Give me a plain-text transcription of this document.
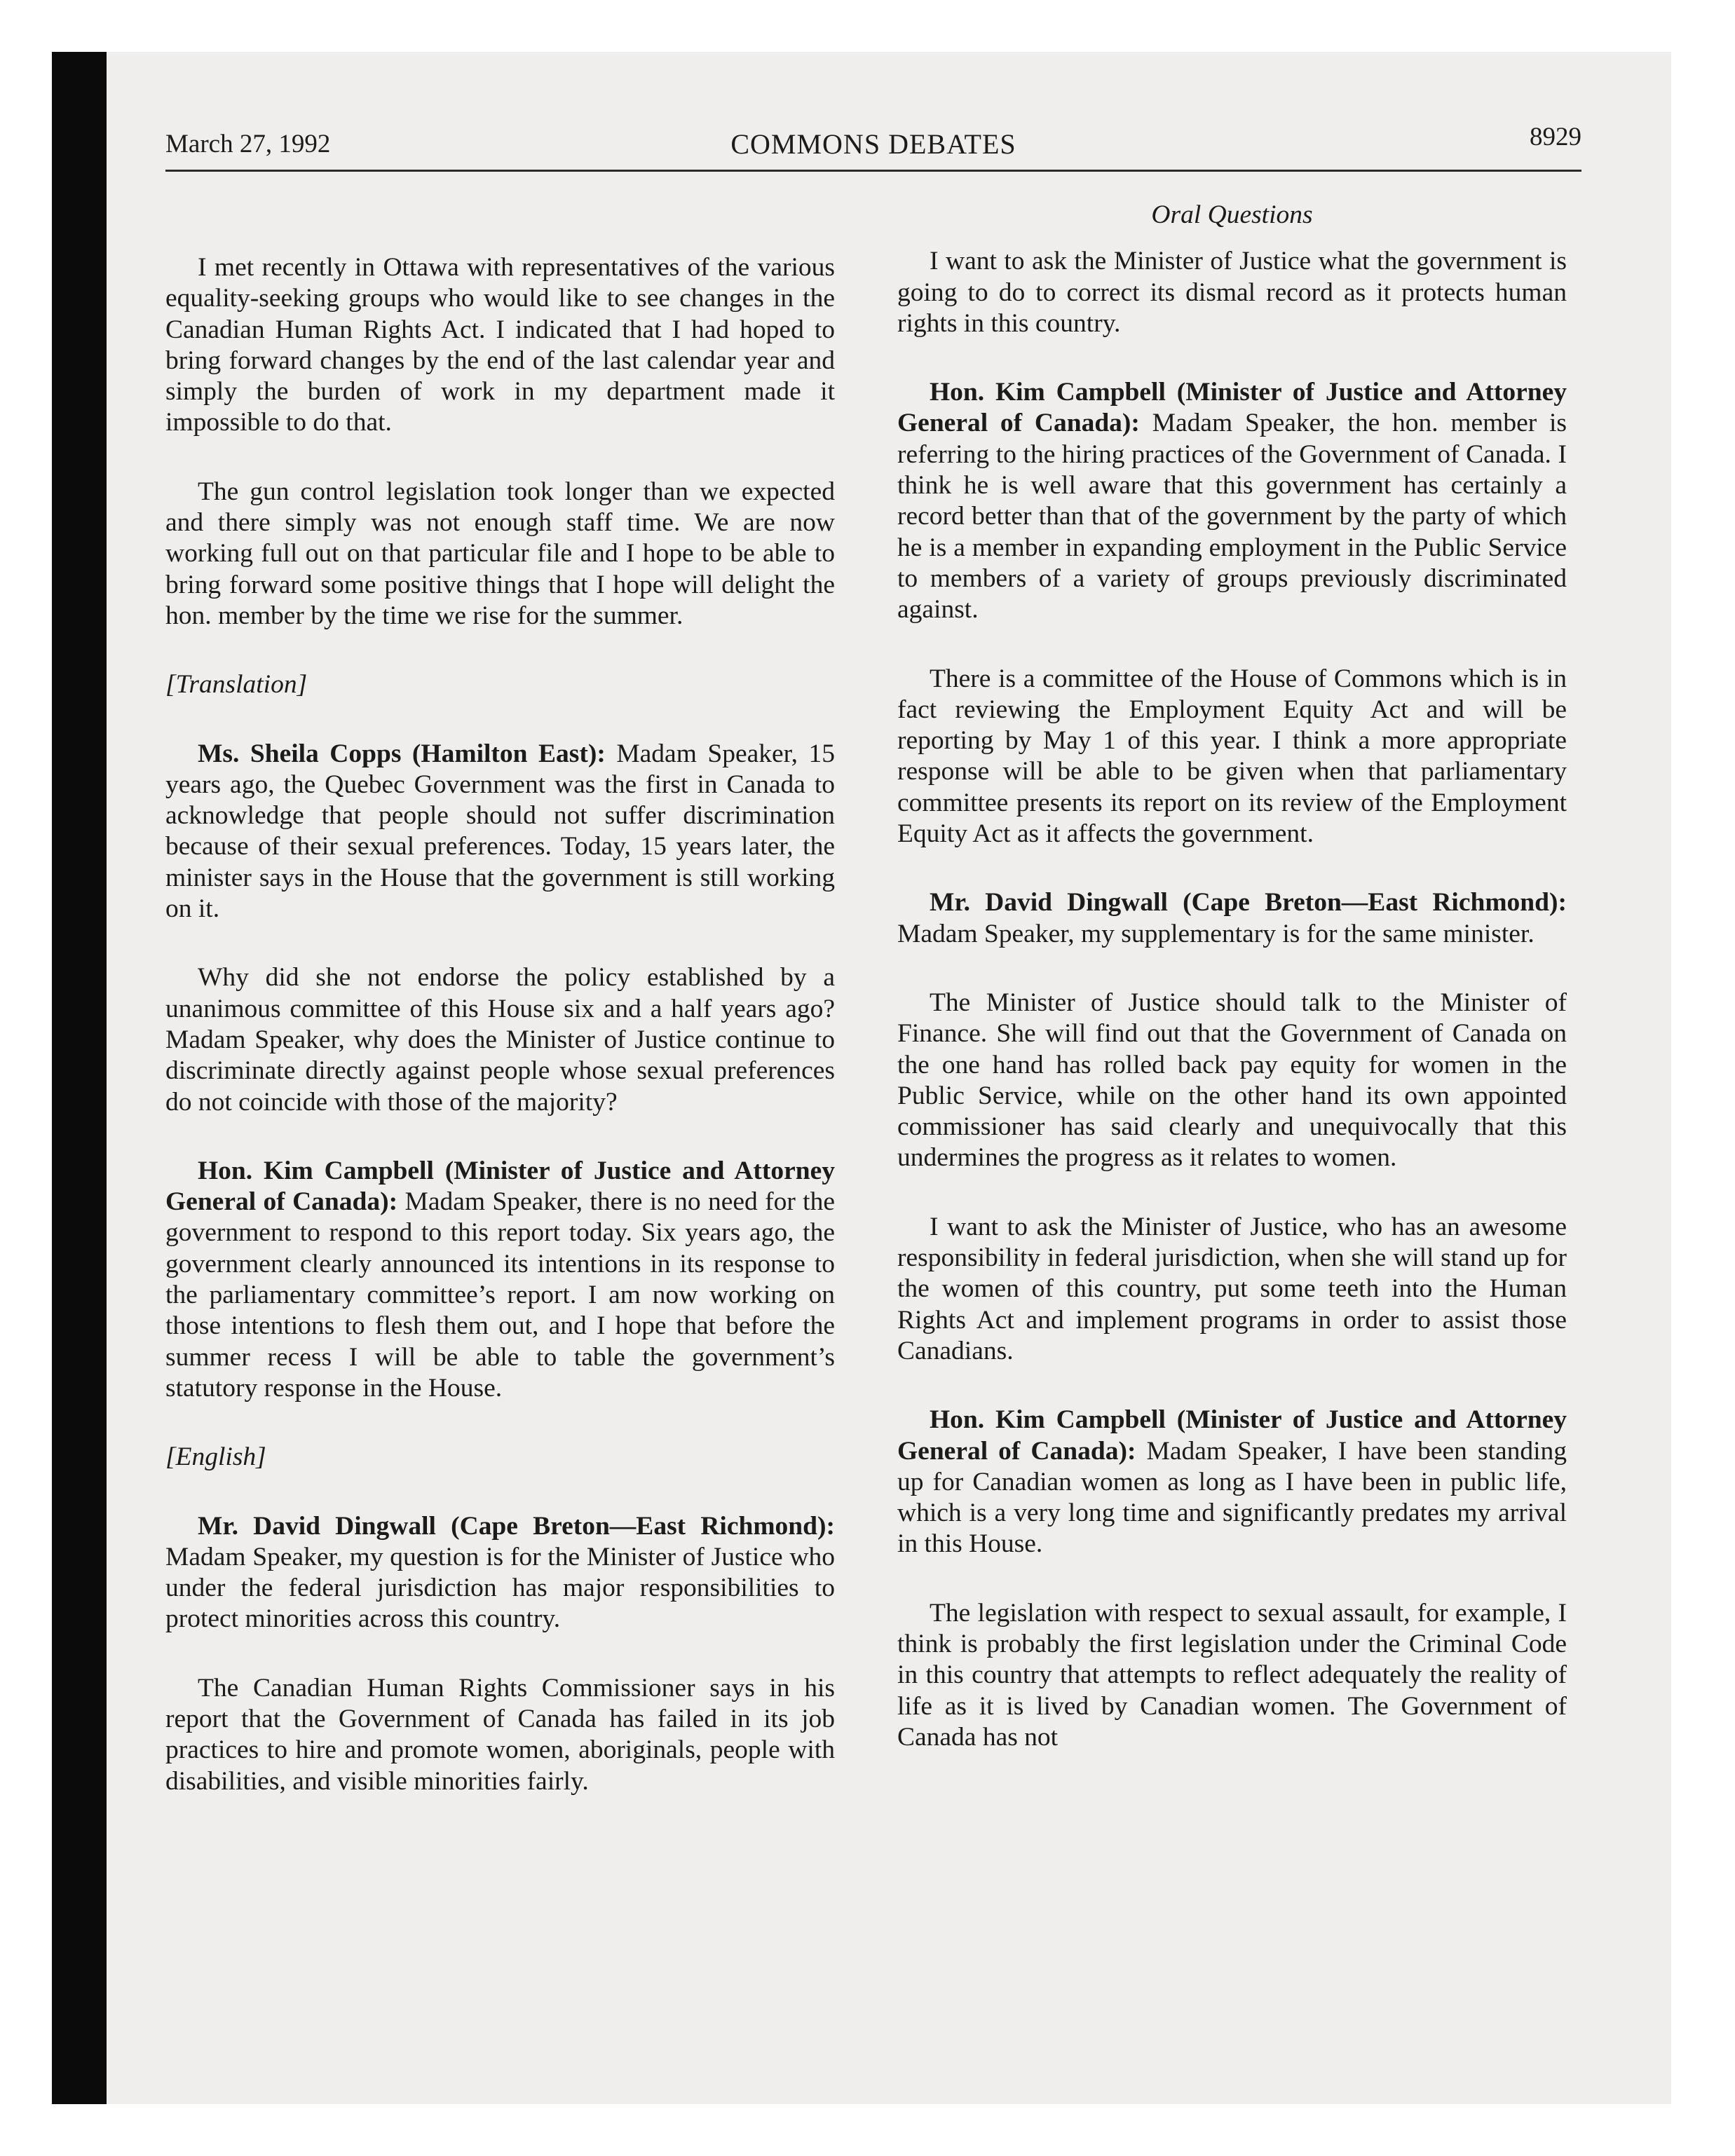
March 27, 1992	COMMONS DEBATES	8929

I met recently in Ottawa with representatives of the various equality-seeking groups who would like to see changes in the Canadian Human Rights Act. I indicated that I had hoped to bring forward changes by the end of the last calendar year and simply the burden of work in my department made it impossible to do that.

The gun control legislation took longer than we expected and there simply was not enough staff time. We are now working full out on that particular file and I hope to be able to bring forward some positive things that I hope will delight the hon. member by the time we rise for the summer.

[Translation]

Ms. Sheila Copps (Hamilton East): Madam Speaker, 15 years ago, the Quebec Government was the first in Canada to acknowledge that people should not suffer discrimination because of their sexual preferences. Today, 15 years later, the minister says in the House that the government is still working on it.

Why did she not endorse the policy established by a unanimous committee of this House six and a half years ago? Madam Speaker, why does the Minister of Justice continue to discriminate directly against people whose sexual preferences do not coincide with those of the majority?

Hon. Kim Campbell (Minister of Justice and Attorney General of Canada): Madam Speaker, there is no need for the government to respond to this report today. Six years ago, the government clearly announced its intentions in its response to the parliamentary committee’s report. I am now working on those intentions to flesh them out, and I hope that before the summer recess I will be able to table the government’s statutory response in the House.

[English]

Mr. David Dingwall (Cape Breton—East Richmond): Madam Speaker, my question is for the Minister of Justice who under the federal jurisdiction has major responsibilities to protect minorities across this country.

The Canadian Human Rights Commissioner says in his report that the Government of Canada has failed in its job practices to hire and promote women, aboriginals, people with disabilities, and visible minorities fairly.

Oral Questions

I want to ask the Minister of Justice what the government is going to do to correct its dismal record as it protects human rights in this country.

Hon. Kim Campbell (Minister of Justice and Attorney General of Canada): Madam Speaker, the hon. member is referring to the hiring practices of the Government of Canada. I think he is well aware that this government has certainly a record better than that of the government by the party of which he is a member in expanding employment in the Public Service to members of a variety of groups previously discriminated against.

There is a committee of the House of Commons which is in fact reviewing the Employment Equity Act and will be reporting by May 1 of this year. I think a more appropriate response will be able to be given when that parliamentary committee presents its report on its review of the Employment Equity Act as it affects the government.

Mr. David Dingwall (Cape Breton—East Richmond): Madam Speaker, my supplementary is for the same minister.

The Minister of Justice should talk to the Minister of Finance. She will find out that the Government of Canada on the one hand has rolled back pay equity for women in the Public Service, while on the other hand its own appointed commissioner has said clearly and unequivocally that this undermines the progress as it relates to women.

I want to ask the Minister of Justice, who has an awesome responsibility in federal jurisdiction, when she will stand up for the women of this country, put some teeth into the Human Rights Act and implement programs in order to assist those Canadians.

Hon. Kim Campbell (Minister of Justice and Attorney General of Canada): Madam Speaker, I have been standing up for Canadian women as long as I have been in public life, which is a very long time and significantly predates my arrival in this House.

The legislation with respect to sexual assault, for example, I think is probably the first legislation under the Criminal Code in this country that attempts to reflect adequately the reality of life as it is lived by Canadian women. The Government of Canada has not
